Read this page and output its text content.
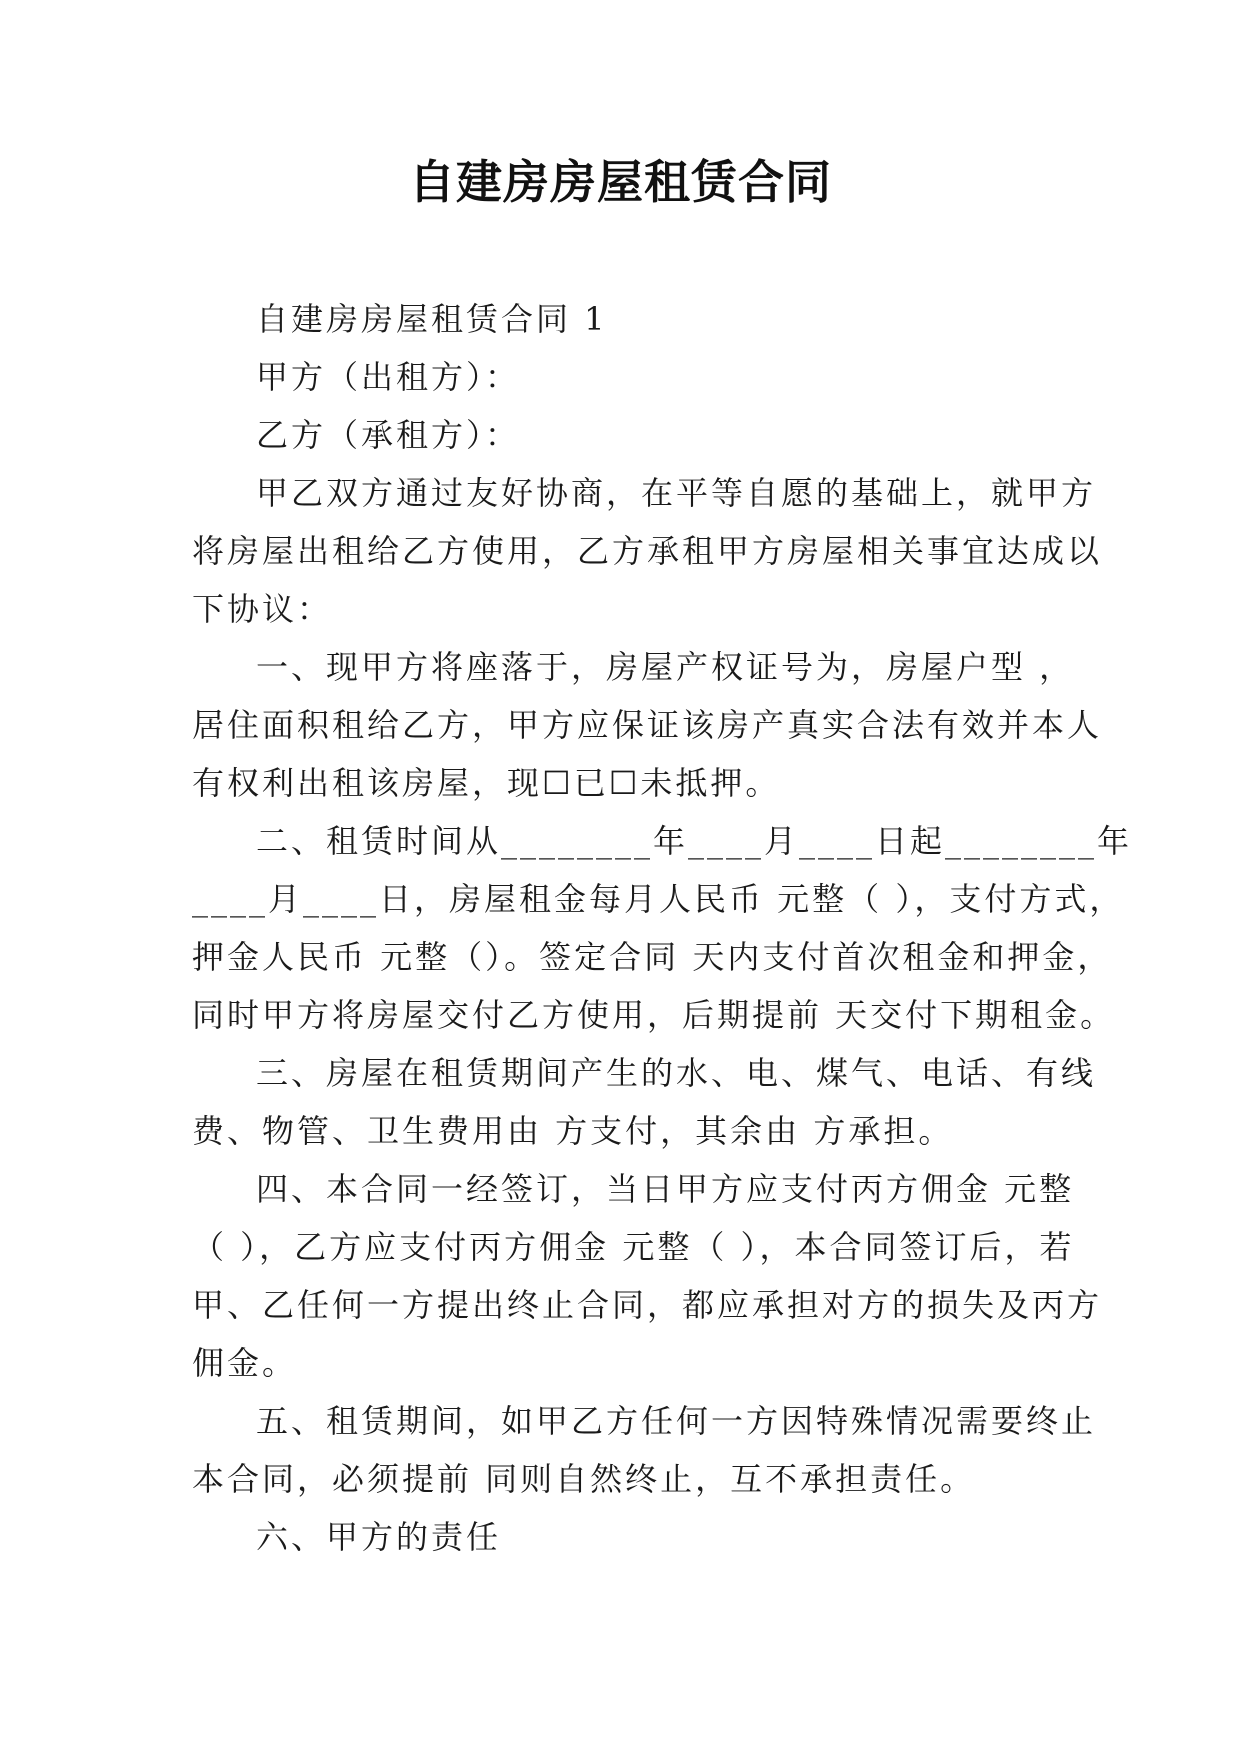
自建房房屋租赁合同

自建房房屋租赁合同 1

甲方（出租方）：

乙方（承租方）：

甲乙双方通过友好协商，在平等自愿的基础上，就甲方
将房屋出租给乙方使用，乙方承租甲方房屋相关事宜达成以
下协议：

一、现甲方将座落于，房屋产权证号为，房屋户型 ，
居住面积租给乙方，甲方应保证该房产真实合法有效并本人
有权利出租该房屋，现☐已☐未抵押。

二、租赁时间从________年____月____日起________年
____月____日，房屋租金每月人民币 元整（ ），支付方式，
押金人民币 元整（）。签定合同 天内支付首次租金和押金，
同时甲方将房屋交付乙方使用，后期提前 天交付下期租金。

三、房屋在租赁期间产生的水、电、煤气、电话、有线
费、物管、卫生费用由 方支付，其余由 方承担。

四、本合同一经签订，当日甲方应支付丙方佣金 元整
（ ），乙方应支付丙方佣金 元整（ ），本合同签订后，若
甲、乙任何一方提出终止合同，都应承担对方的损失及丙方
佣金。

五、租赁期间，如甲乙方任何一方因特殊情况需要终止
本合同，必须提前 同则自然终止，互不承担责任。

六、甲方的责任
